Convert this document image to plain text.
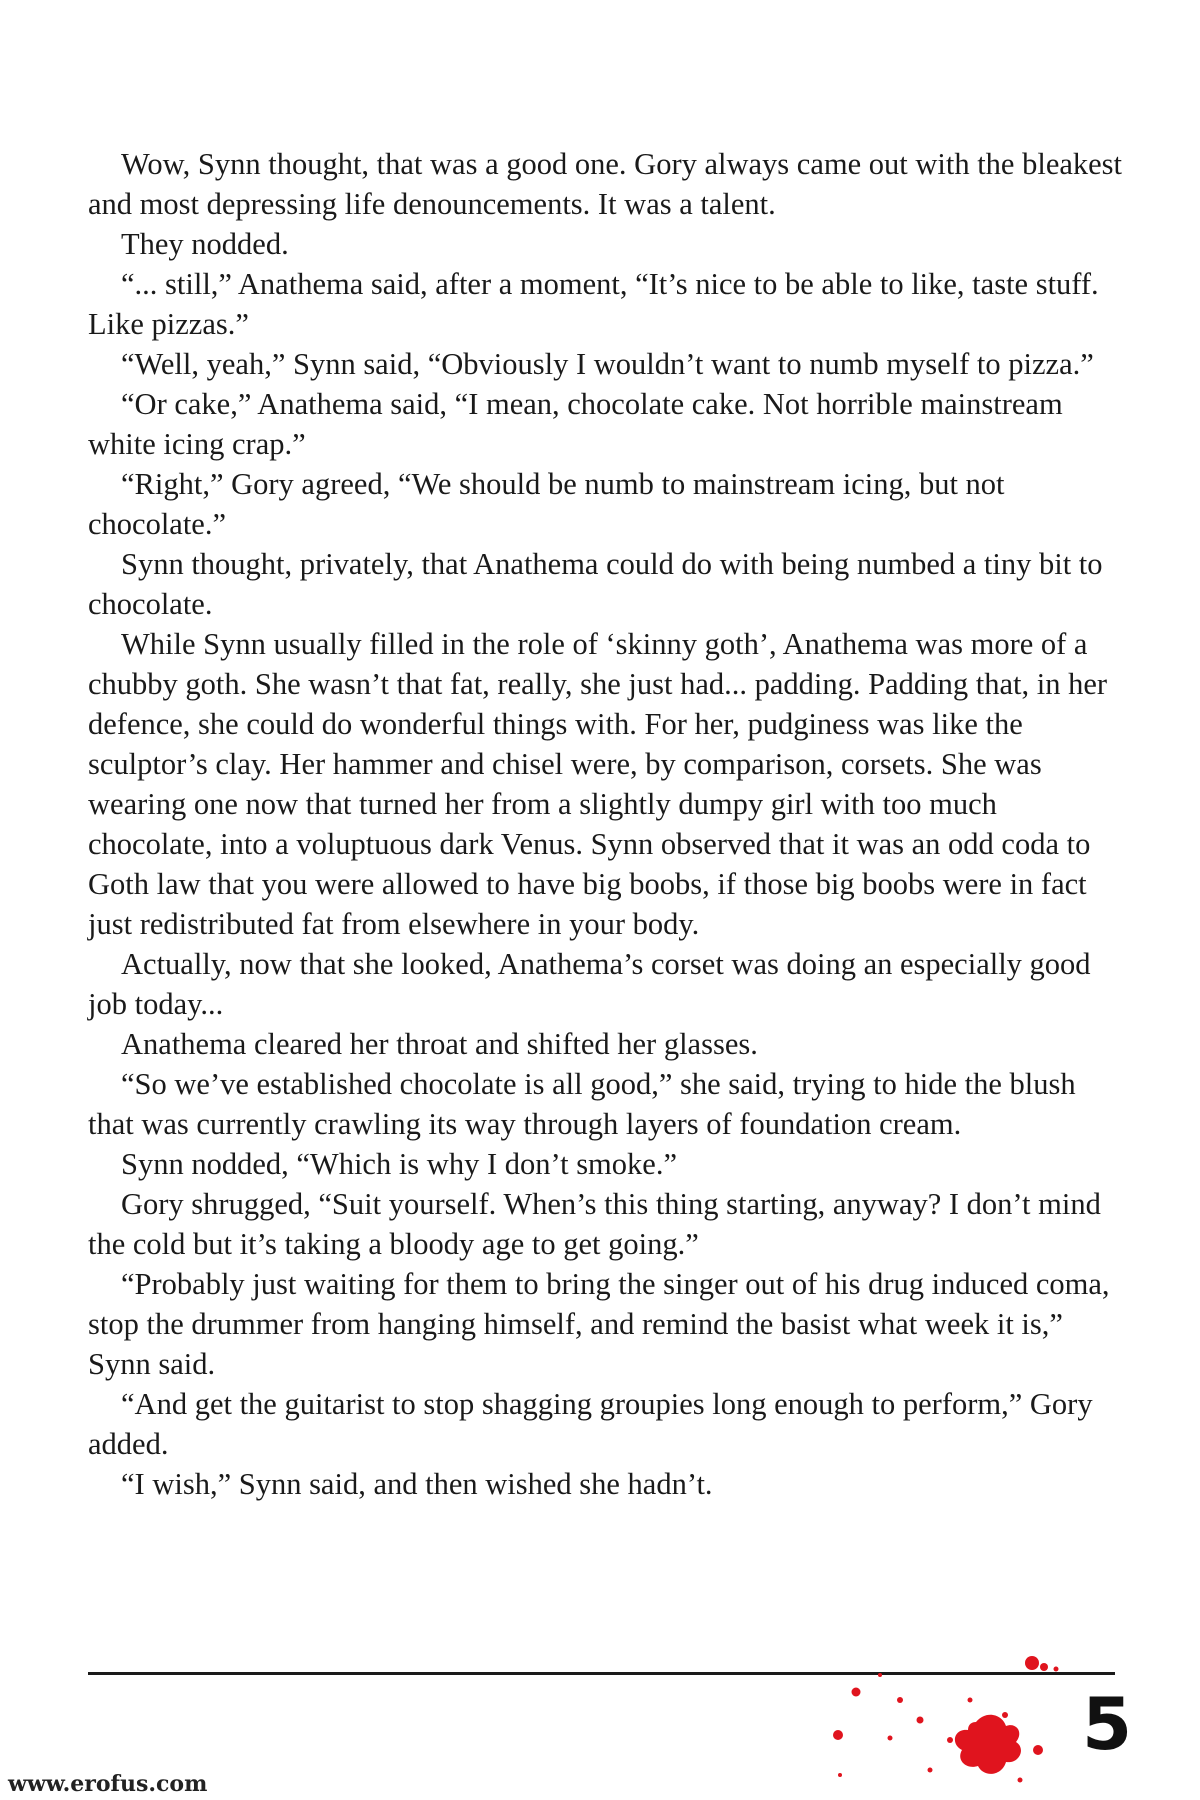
Wow, Synn thought, that was a good one. Gory always came out with the bleakest and most depressing life denouncements. It was a talent.

They nodded.

“... still,” Anathema said, after a moment, “It’s nice to be able to like, taste stuff. Like pizzas.”

“Well, yeah,” Synn said, “Obviously I wouldn’t want to numb myself to pizza.”

“Or cake,” Anathema said, “I mean, chocolate cake. Not horrible mainstream white icing crap.”

“Right,” Gory agreed, “We should be numb to mainstream icing, but not chocolate.”

Synn thought, privately, that Anathema could do with being numbed a tiny bit to chocolate.

While Synn usually filled in the role of ‘skinny goth’, Anathema was more of a chubby goth. She wasn’t that fat, really, she just had... padding. Padding that, in her defence, she could do wonderful things with. For her, pudginess was like the sculptor’s clay. Her hammer and chisel were, by comparison, corsets. She was wearing one now that turned her from a slightly dumpy girl with too much chocolate, into a voluptuous dark Venus. Synn observed that it was an odd coda to Goth law that you were allowed to have big boobs, if those big boobs were in fact just redistributed fat from elsewhere in your body.

Actually, now that she looked, Anathema’s corset was doing an especially good job today...

Anathema cleared her throat and shifted her glasses.

“So we’ve established chocolate is all good,” she said, trying to hide the blush that was currently crawling its way through layers of foundation cream.

Synn nodded, “Which is why I don’t smoke.”

Gory shrugged, “Suit yourself. When’s this thing starting, anyway? I don’t mind the cold but it’s taking a bloody age to get going.”

“Probably just waiting for them to bring the singer out of his drug induced coma, stop the drummer from hanging himself, and remind the basist what week it is,” Synn said.

“And get the guitarist to stop shagging groupies long enough to perform,” Gory added.

“I wish,” Synn said, and then wished she hadn’t.

5
www.erofus.com
